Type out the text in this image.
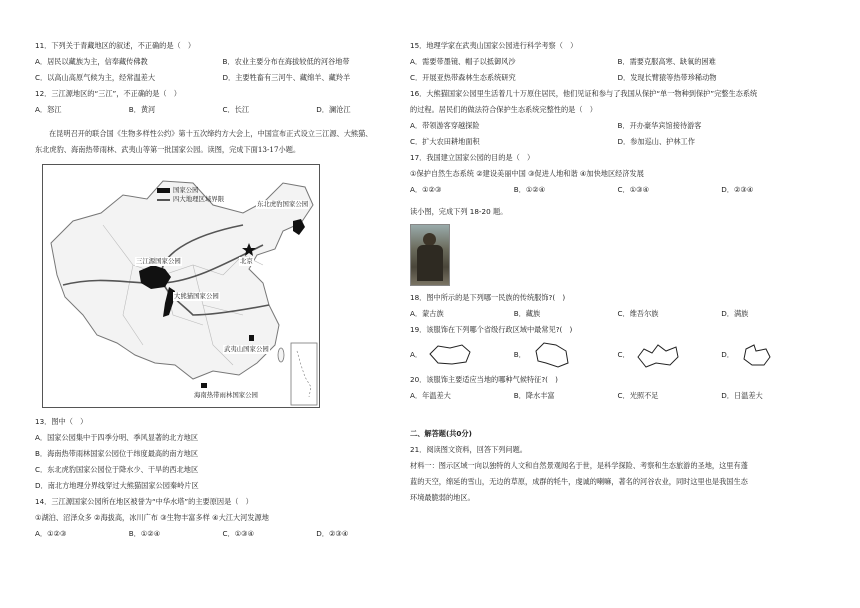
11．下列关于青藏地区的叙述，不正确的是（　）
A．居民以藏族为主，信奉藏传佛教	B．农业主要分布在海拔较低的河谷地带
C．以高山高原气候为主，经常温差大	D．主要牲畜有三河牛、藏绵羊、藏羚羊
12．三江源地区的“三江”，不正确的是（　）
A．怒江	B．黄河	C．长江	D．澜沧江
在昆明召开的联合国《生物多样性公约》第十五次缔约方大会上，中国宣布正式设立三江源、大熊猫、
东北虎豹、海南热带雨林、武夷山等第一批国家公园。读图，完成下面13-17小题。
国家公园
四大地理区域界限
东北虎豹国家公园
北京
三江源国家公园
大熊猫国家公园
武夷山国家公园
海南热带雨林国家公园
13．图中（　）
A．国家公园集中于四季分明、季风显著的北方地区
B．海南热带雨林国家公园位于纬度最高的南方地区
C．东北虎豹国家公园位于降水少、干旱的西北地区
D．南北方地理分界线穿过大熊猫国家公园秦岭片区
14．三江源国家公园所在地区被誉为“中华水塔”的主要原因是（　）
①湖泊、沼泽众多 ②海拔高，冰川广布 ③生物丰富多样 ④大江大河发源地
A．①②③	B．①②④	C．①③④	D．②③④
15．地理学家在武夷山国家公园进行科学考察（　）
A．需要带墨镜、帽子以抵御风沙	B．需要克服高寒、缺氧的困难
C．开展亚热带森林生态系统研究	D．发现长臂猿等热带珍稀动物
16．大熊猫国家公园里生活着几十万原住居民，他们见证和参与了我国从保护“单一物种到保护”完整生态系统
的过程。居民们的做法符合保护生态系统完整性的是（　）
A．带领游客穿越探险	B．开办豪华宾馆接待游客
C．扩大农田耕地面积	D．参加巡山、护林工作
17．我国建立国家公园的目的是（　）
①保护自然生态系统 ②建设美丽中国 ③促进人地和谐 ④加快地区经济发展
A．①②③	B．①②④	C．①③④	D．②③④
读小图，完成下列 18-20 题。
18．图中所示的是下列哪一民族的传统服饰?(　)
A．蒙古族	B．藏族	C．维吾尔族	D．满族
19．该服饰在下列哪个省级行政区域中最常见?(　)
A．	B．	C．	D．
20．该服饰主要适应当地的哪种气候特征?(　)
A．年温差大	B．降水丰富	C．光照不足	D．日温差大
二、解答题(共0分)
21．阅读图文资料，回答下列问题。
材料一：图示区域一向以独特的人文和自然景观闻名于世，是科学探险、考察和生态旅游的圣地，这里有蓬
蓝的天空，绵延的雪山，无边的草原，成群的牦牛，虔诚的喇嘛，著名的河谷农业，同时这里也是我国生态
环境最脆弱的地区。
